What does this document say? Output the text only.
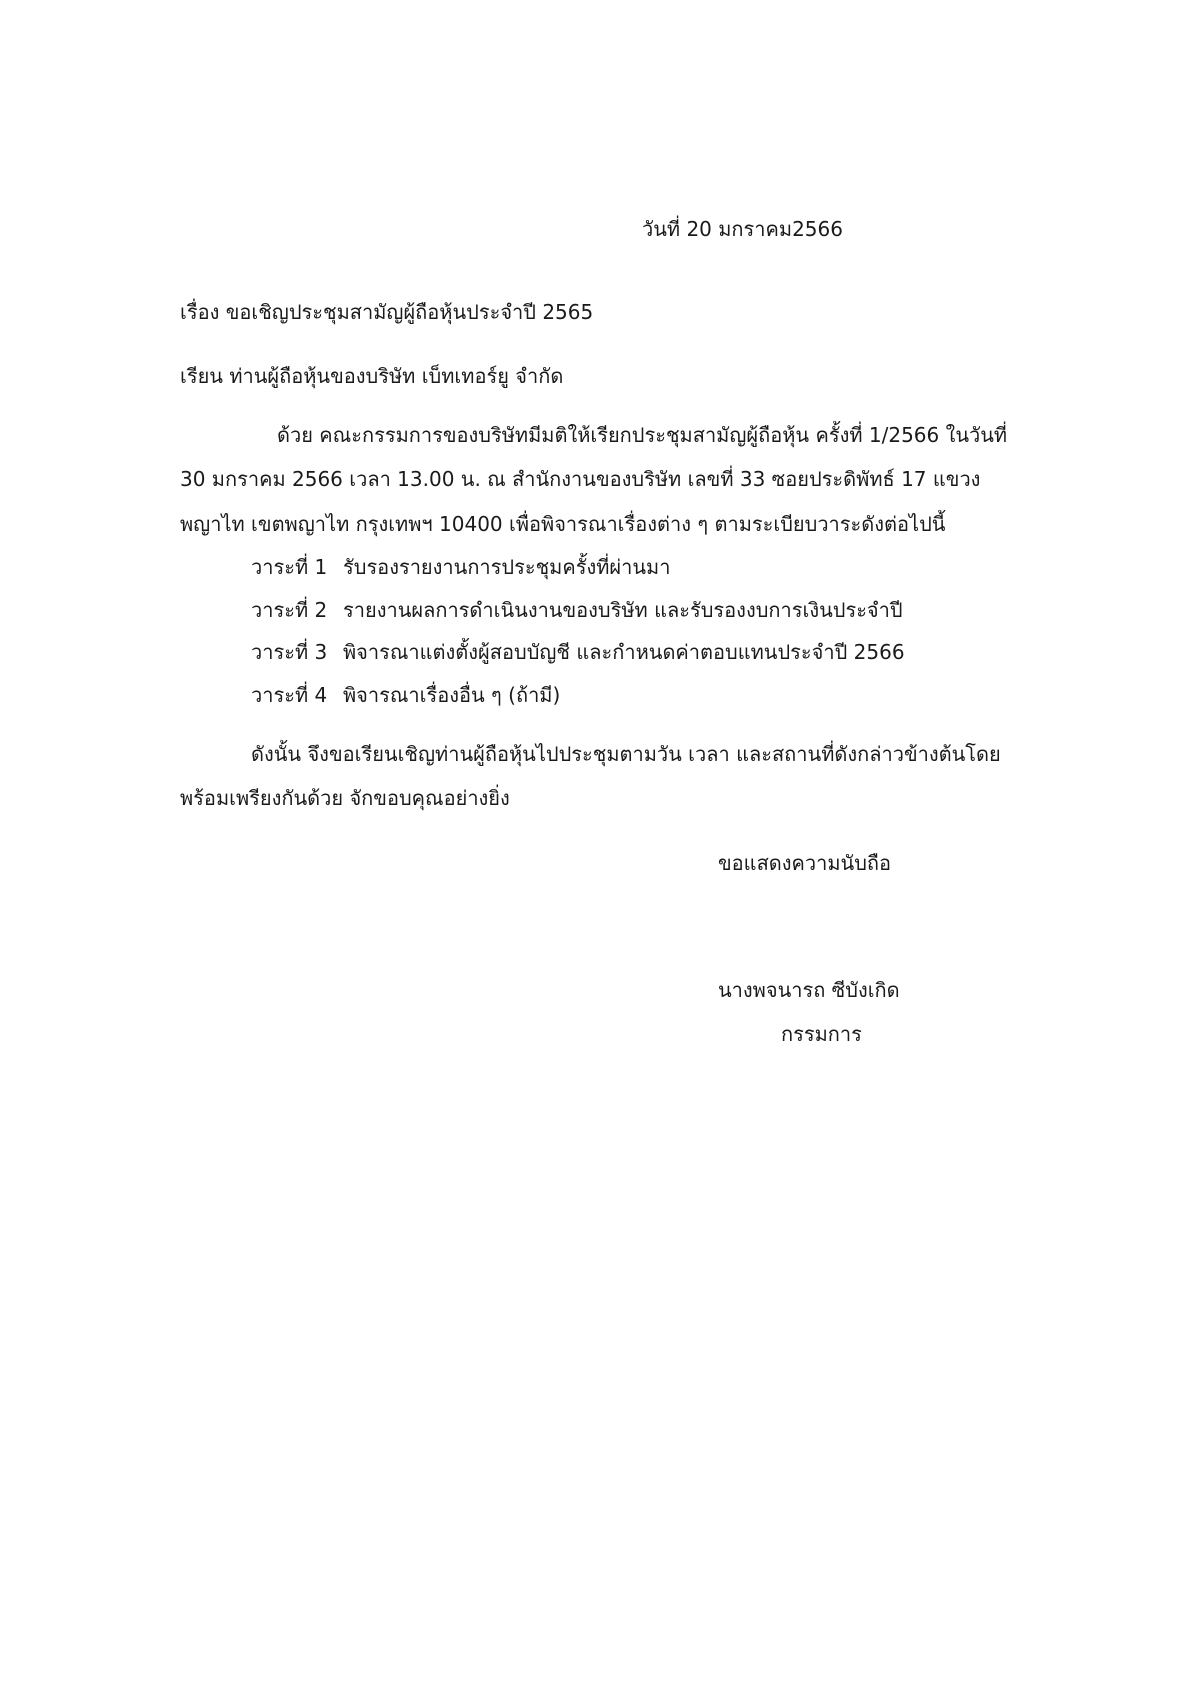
วันที่ 20 มกราคม2566
เรื่อง ขอเชิญประชุมสามัญผู้ถือหุ้นประจำปี 2565
เรียน ท่านผู้ถือหุ้นของบริษัท เบ็ทเทอร์ยู จำกัด
ด้วย คณะกรรมการของบริษัทมีมติให้เรียกประชุมสามัญผู้ถือหุ้น ครั้งที่ 1/2566 ในวันที่
30 มกราคม 2566 เวลา 13.00 น. ณ สำนักงานของบริษัท เลขที่ 33 ซอยประดิพัทธ์ 17 แขวง
พญาไท เขตพญาไท กรุงเทพฯ 10400 เพื่อพิจารณาเรื่องต่าง ๆ ตามระเบียบวาระดังต่อไปนี้
วาระที่ 1 รับรองรายงานการประชุมครั้งที่ผ่านมา
วาระที่ 2 รายงานผลการดำเนินงานของบริษัท และรับรองงบการเงินประจำปี
วาระที่ 3 พิจารณาแต่งตั้งผู้สอบบัญชี และกำหนดค่าตอบแทนประจำปี 2566
วาระที่ 4 พิจารณาเรื่องอื่น ๆ (ถ้ามี)
ดังนั้น จึงขอเรียนเชิญท่านผู้ถือหุ้นไปประชุมตามวัน เวลา และสถานที่ดังกล่าวข้างต้นโดย
พร้อมเพรียงกันด้วย จักขอบคุณอย่างยิ่ง
ขอแสดงความนับถือ
นางพจนารถ ซีบังเกิด
กรรมการ
